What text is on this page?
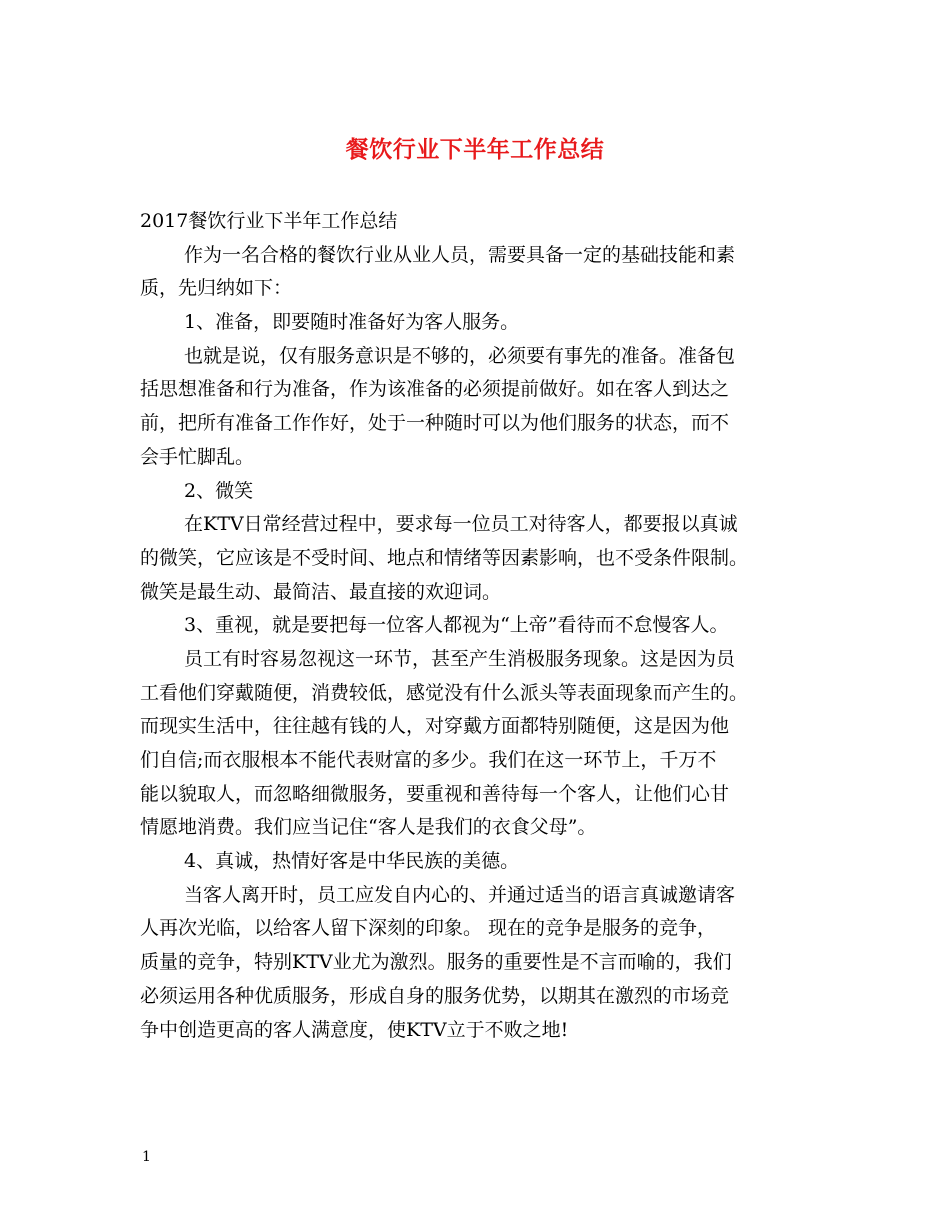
餐饮行业下半年工作总结
2017餐饮行业下半年工作总结
作为一名合格的餐饮行业从业人员，需要具备一定的基础技能和素
质，先归纳如下：
1、准备，即要随时准备好为客人服务。
也就是说，仅有服务意识是不够的，必须要有事先的准备。准备包
括思想准备和行为准备，作为该准备的必须提前做好。如在客人到达之
前，把所有准备工作作好，处于一种随时可以为他们服务的状态，而不
会手忙脚乱。
2、微笑
在KTV日常经营过程中，要求每一位员工对待客人，都要报以真诚
的微笑，它应该是不受时间、地点和情绪等因素影响，也不受条件限制。
微笑是最生动、最简洁、最直接的欢迎词。
3、重视，就是要把每一位客人都视为“上帝”看待而不怠慢客人。
员工有时容易忽视这一环节，甚至产生消极服务现象。这是因为员
工看他们穿戴随便，消费较低，感觉没有什么派头等表面现象而产生的。
而现实生活中，往往越有钱的人，对穿戴方面都特别随便，这是因为他
们自信;而衣服根本不能代表财富的多少。我们在这一环节上，千万不
能以貌取人，而忽略细微服务，要重视和善待每一个客人，让他们心甘
情愿地消费。我们应当记住“客人是我们的衣食父母”。
4、真诚，热情好客是中华民族的美德。
当客人离开时，员工应发自内心的、并通过适当的语言真诚邀请客
人再次光临，以给客人留下深刻的印象。 现在的竞争是服务的竞争，
质量的竞争，特别KTV业尤为激烈。服务的重要性是不言而喻的，我们
必须运用各种优质服务，形成自身的服务优势，以期其在激烈的市场竞
争中创造更高的客人满意度，使KTV立于不败之地!
1
